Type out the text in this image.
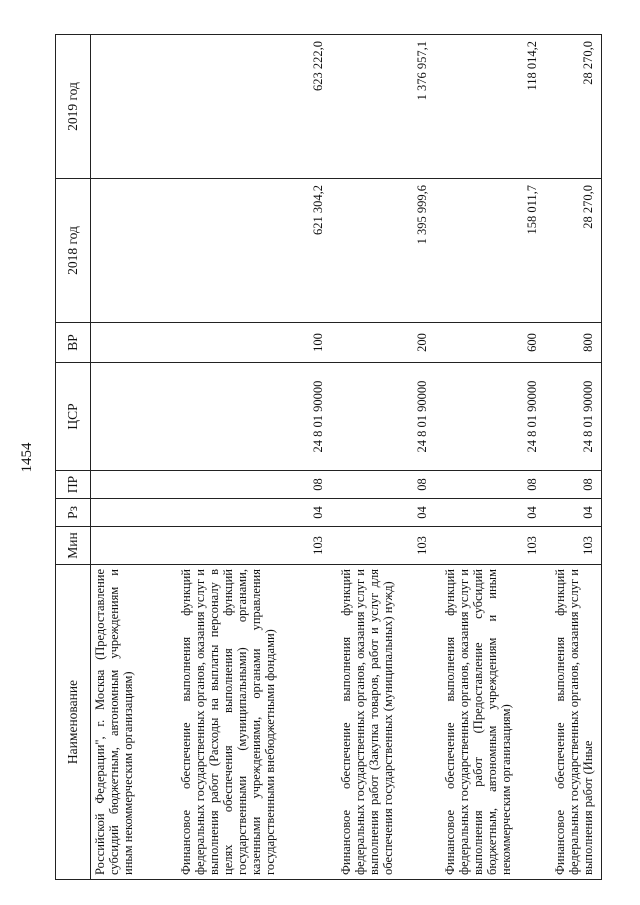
1454
Наименование	Мин	Рз	ПР	ЦСР	ВР	2018 год	2019 год
Российской Федерации", г. Москва (Предоставление субсидий бюджетным, автономным учреждениям и иным некоммерческим организациям)							
Финансовое обеспечение выполнения функций федеральных государственных органов, оказания услуг и выполнения работ (Расходы на выплаты персоналу в целях обеспечения выполнения функций государственными (муниципальными) органами, казенными учреждениями, органами управления государственными внебюджетными фондами)	103	04	08	24 8 01 90000	100	621 304,2	623 222,0
Финансовое обеспечение выполнения функций федеральных государственных органов, оказания услуг и выполнения работ (Закупка товаров, работ и услуг для обеспечения государственных (муниципальных) нужд)	103	04	08	24 8 01 90000	200	1 395 999,6	1 376 957,1
Финансовое обеспечение выполнения функций федеральных государственных органов, оказания услуг и выполнения работ (Предоставление субсидий бюджетным, автономным учреждениям и иным некоммерческим организациям)	103	04	08	24 8 01 90000	600	158 011,7	118 014,2
Финансовое обеспечение выполнения функций федеральных государственных органов, оказания услуг и выполнения работ (Иные	103	04	08	24 8 01 90000	800	28 270,0	28 270,0
